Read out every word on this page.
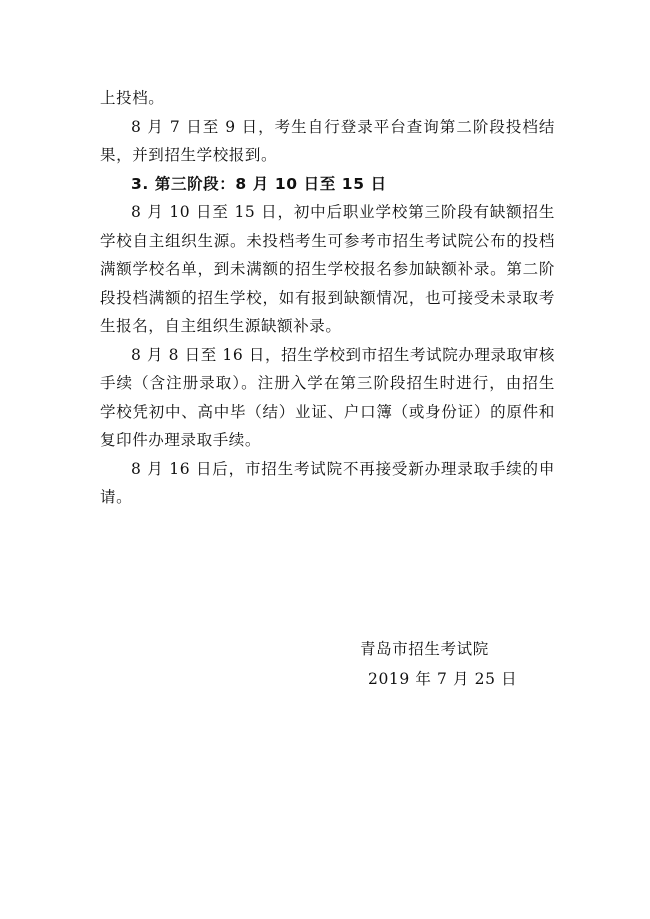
上投档。

8 月 7 日至 9 日，考生自行登录平台查询第二阶段投档结果，并到招生学校报到。

3. 第三阶段：8 月 10 日至 15 日

8 月 10 日至 15 日，初中后职业学校第三阶段有缺额招生学校自主组织生源。未投档考生可参考市招生考试院公布的投档满额学校名单，到未满额的招生学校报名参加缺额补录。第二阶段投档满额的招生学校，如有报到缺额情况，也可接受未录取考生报名，自主组织生源缺额补录。

8 月 8 日至 16 日，招生学校到市招生考试院办理录取审核手续（含注册录取）。注册入学在第三阶段招生时进行，由招生学校凭初中、高中毕（结）业证、户口簿（或身份证）的原件和复印件办理录取手续。

8 月 16 日后，市招生考试院不再接受新办理录取手续的申请。

青岛市招生考试院

2019 年 7 月 25 日
